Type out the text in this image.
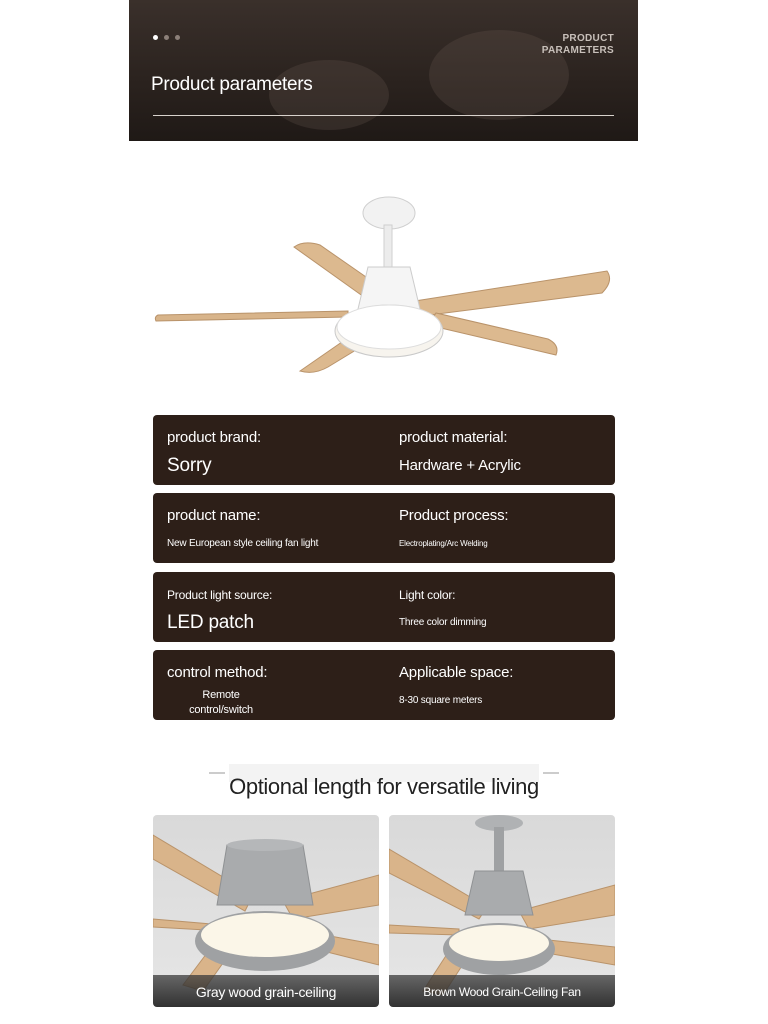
PRODUCT
PARAMETERS
Product parameters
product brand:
Sorry
product material:
Hardware + Acrylic
product name:
New European style ceiling fan light
Product process:
Electroplating/Arc Welding
Product light source:
LED patch
Light color:
Three color dimming
control method:
Remote control/switch
Applicable space:
8-30 square meters
Optional length for versatile living
Gray wood grain-ceiling	Brown Wood Grain-Ceiling Fan
